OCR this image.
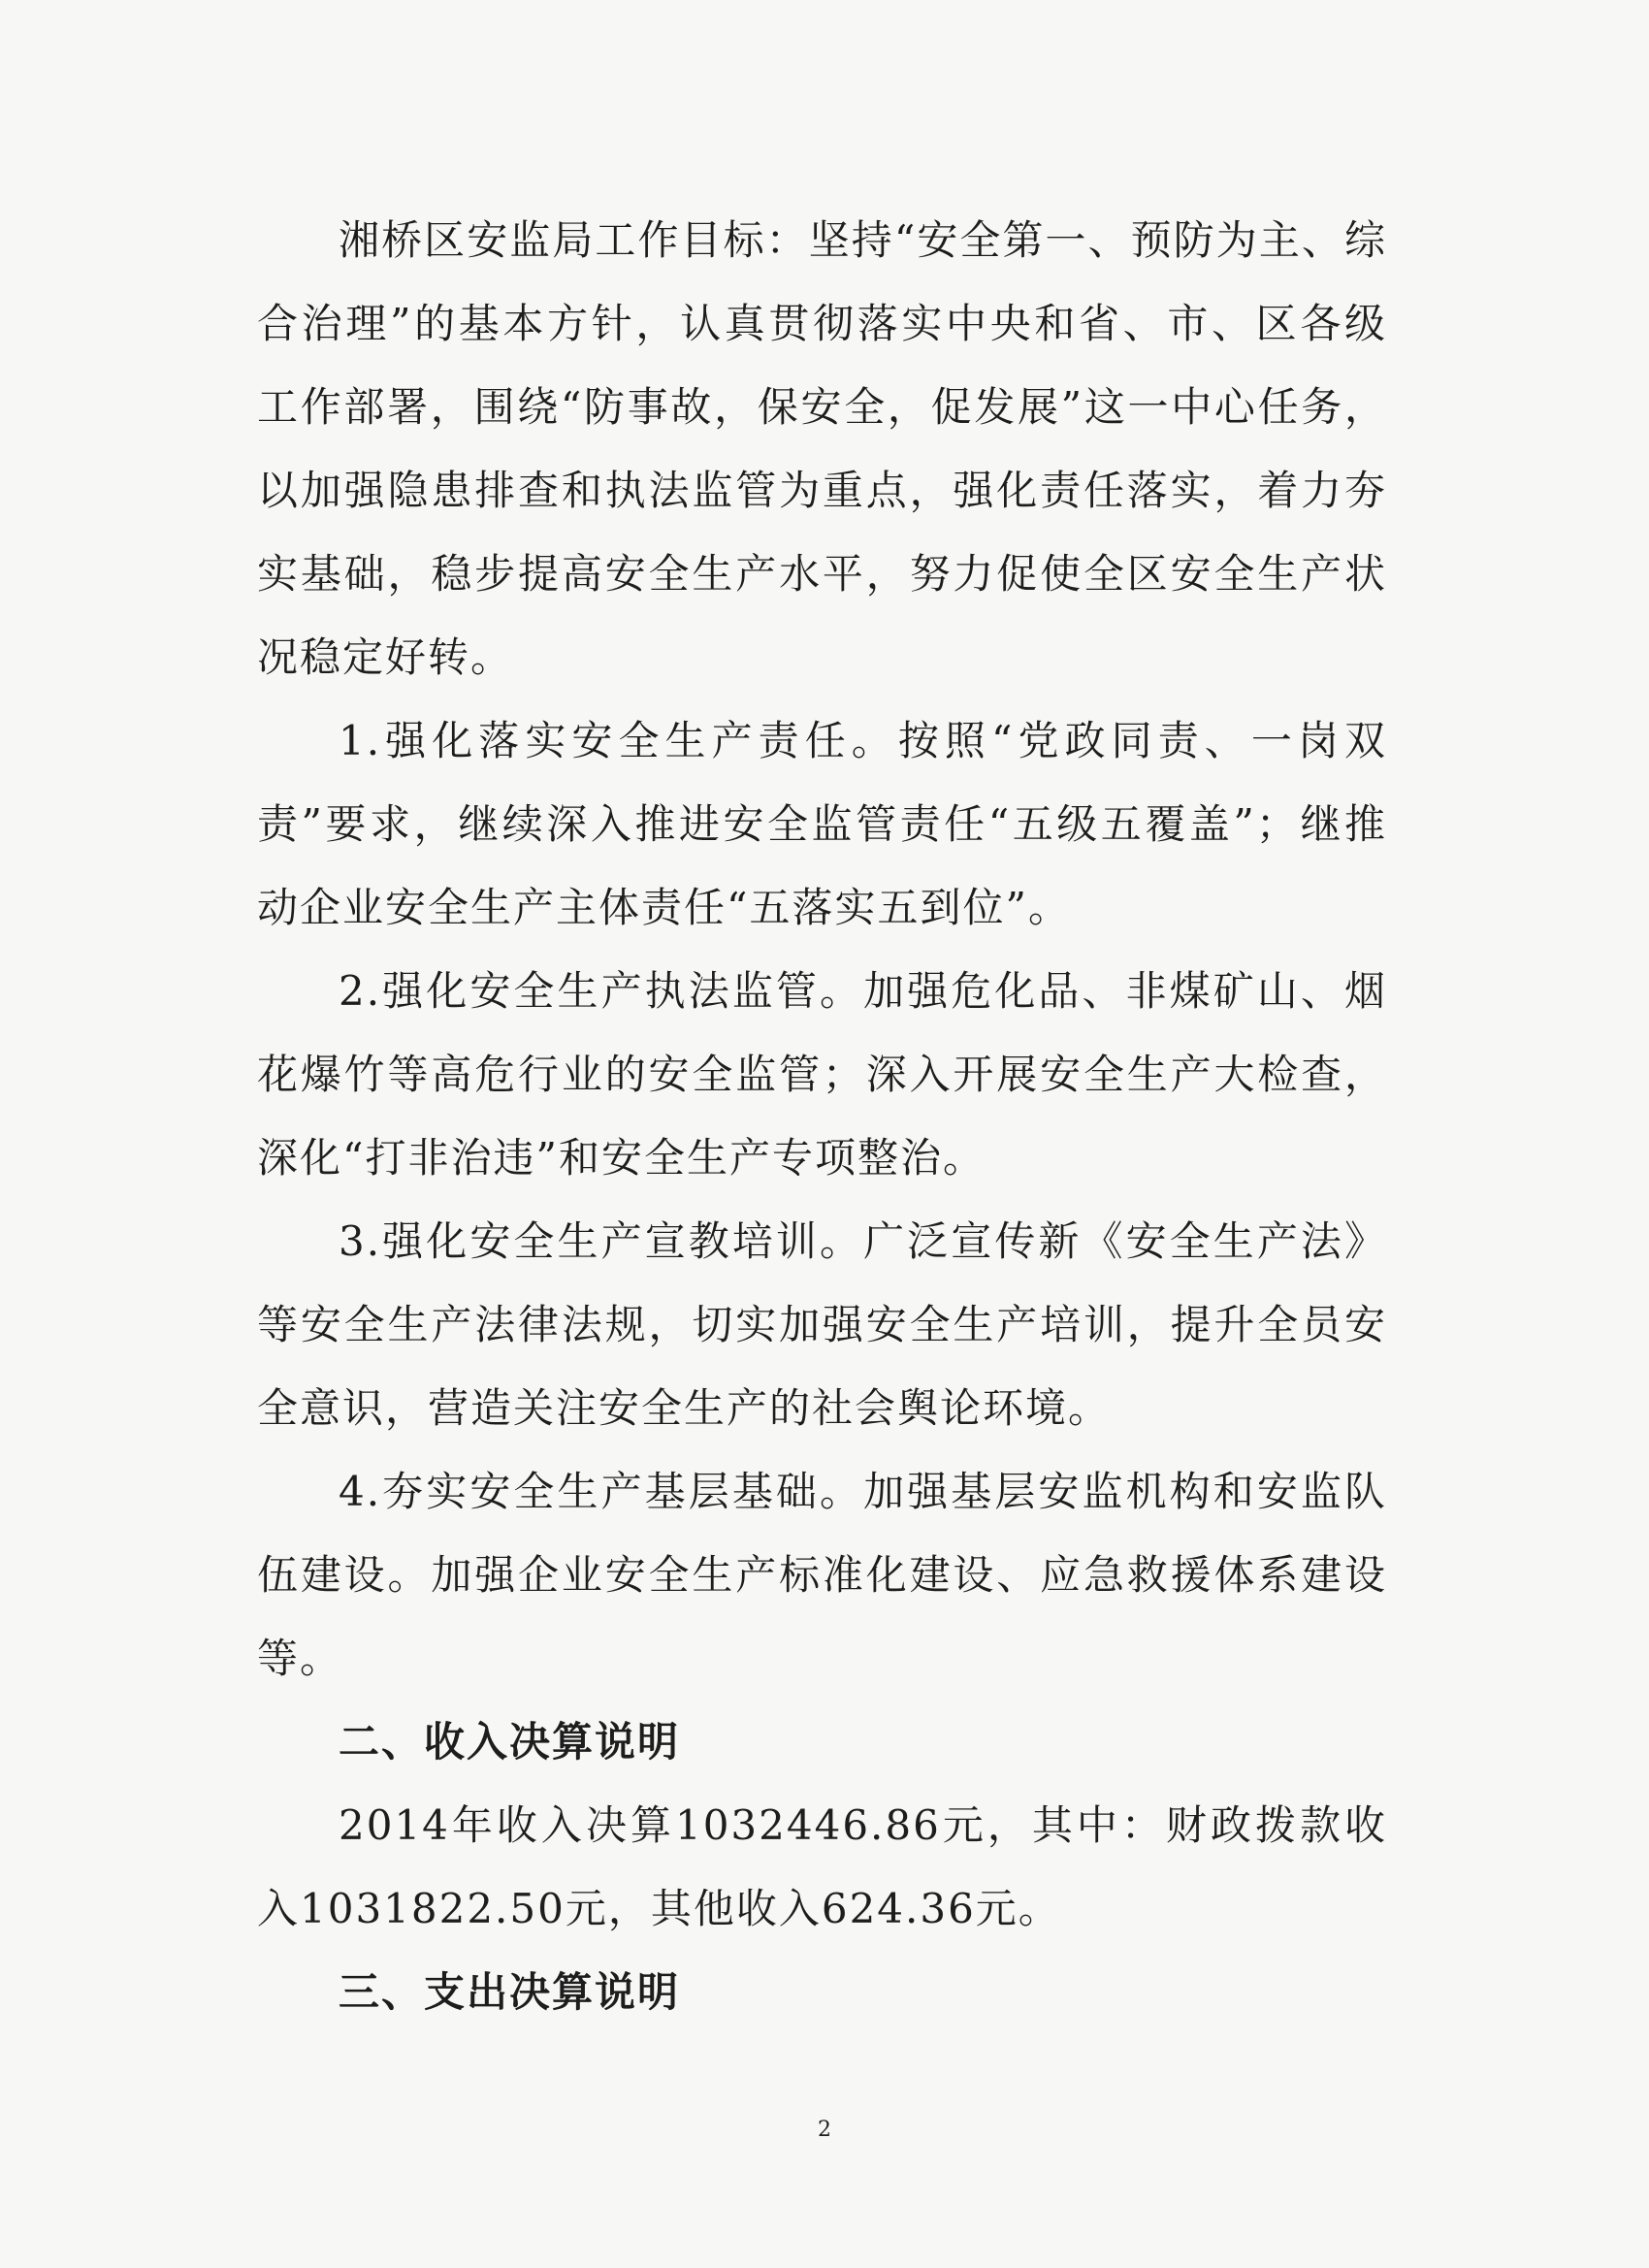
湘桥区安监局工作目标：坚持“安全第一、预防为主、综合治理”的基本方针，认真贯彻落实中央和省、市、区各级工作部署，围绕“防事故，保安全，促发展”这一中心任务，以加强隐患排查和执法监管为重点，强化责任落实，着力夯实基础，稳步提高安全生产水平，努力促使全区安全生产状况稳定好转。

1.强化落实安全生产责任。按照“党政同责、一岗双责”要求，继续深入推进安全监管责任“五级五覆盖”；继推动企业安全生产主体责任“五落实五到位”。

2.强化安全生产执法监管。加强危化品、非煤矿山、烟花爆竹等高危行业的安全监管；深入开展安全生产大检查，深化“打非治违”和安全生产专项整治。

3.强化安全生产宣教培训。广泛宣传新《安全生产法》等安全生产法律法规，切实加强安全生产培训，提升全员安全意识，营造关注安全生产的社会舆论环境。

4.夯实安全生产基层基础。加强基层安监机构和安监队伍建设。加强企业安全生产标准化建设、应急救援体系建设等。

二、收入决算说明

2014年收入决算1032446.86元，其中：财政拨款收入1031822.50元，其他收入624.36元。

三、支出决算说明

2
